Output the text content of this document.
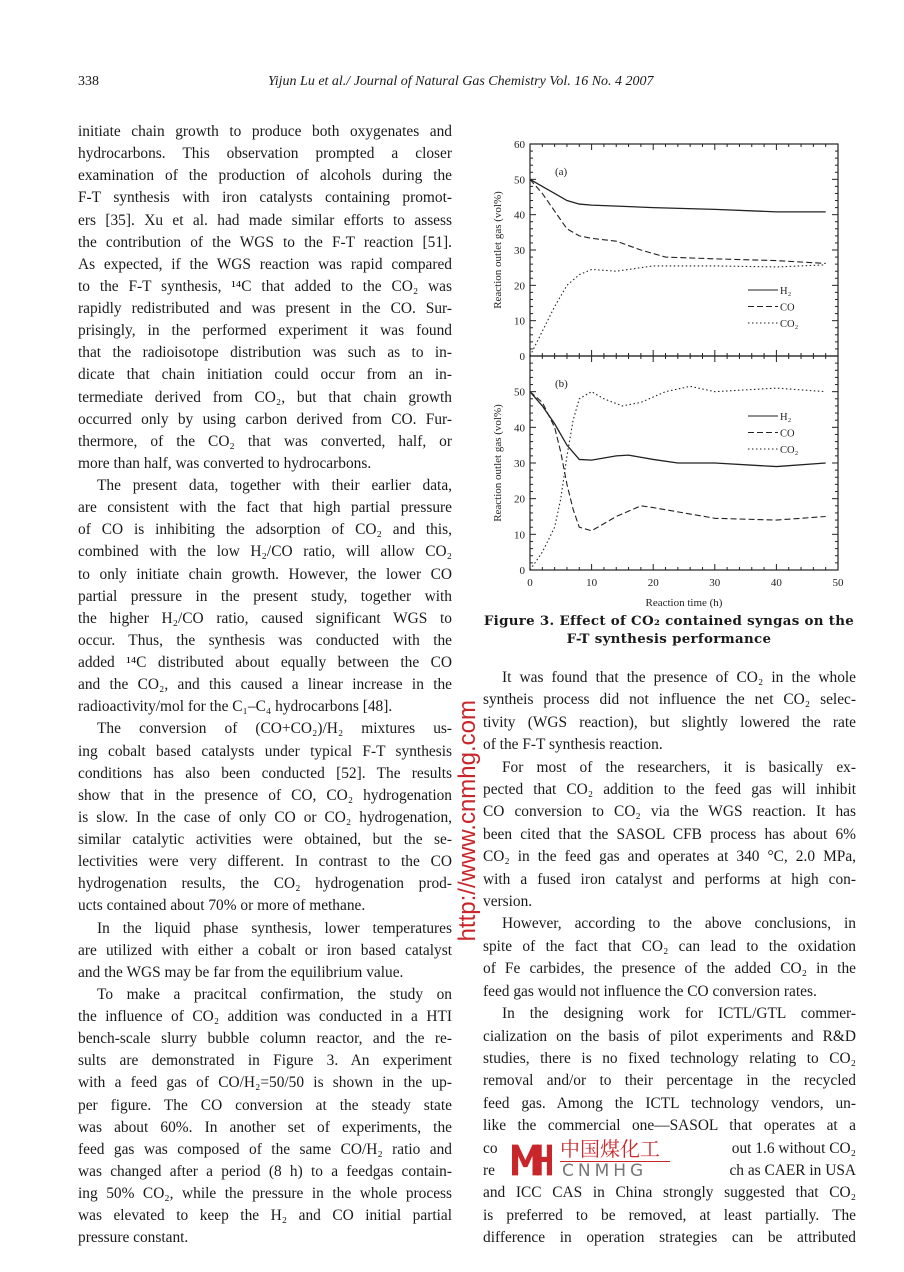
338	Yijun Lu et al./ Journal of Natural Gas Chemistry Vol. 16 No. 4 2007
initiate chain growth to produce both oxygenates and
hydrocarbons. This observation prompted a closer
examination of the production of alcohols during the
F-T synthesis with iron catalysts containing promot-
ers [35]. Xu et al. had made similar efforts to assess
the contribution of the WGS to the F-T reaction [51].
As expected, if the WGS reaction was rapid compared
to the F-T synthesis, ¹⁴C that added to the CO₂ was
rapidly redistributed and was present in the CO. Sur-
prisingly, in the performed experiment it was found
that the radioisotope distribution was such as to in-
dicate that chain initiation could occur from an in-
termediate derived from CO₂, but that chain growth
occurred only by using carbon derived from CO. Fur-
thermore, of the CO₂ that was converted, half, or
more than half, was converted to hydrocarbons.
The present data, together with their earlier data,
are consistent with the fact that high partial pressure
of CO is inhibiting the adsorption of CO₂ and this,
combined with the low H₂/CO ratio, will allow CO₂
to only initiate chain growth. However, the lower CO
partial pressure in the present study, together with
the higher H₂/CO ratio, caused significant WGS to
occur. Thus, the synthesis was conducted with the
added ¹⁴C distributed about equally between the CO
and the CO₂, and this caused a linear increase in the
radioactivity/mol for the C₁–C₄ hydrocarbons [48].
The conversion of (CO+CO₂)/H₂ mixtures us-
ing cobalt based catalysts under typical F-T synthesis
conditions has also been conducted [52]. The results
show that in the presence of CO, CO₂ hydrogenation
is slow. In the case of only CO or CO₂ hydrogenation,
similar catalytic activities were obtained, but the se-
lectivities were very different. In contrast to the CO
hydrogenation results, the CO₂ hydrogenation prod-
ucts contained about 70% or more of methane.
In the liquid phase synthesis, lower temperatures
are utilized with either a cobalt or iron based catalyst
and the WGS may be far from the equilibrium value.
To make a pracitcal confirmation, the study on
the influence of CO₂ addition was conducted in a HTI
bench-scale slurry bubble column reactor, and the re-
sults are demonstrated in Figure 3. An experiment
with a feed gas of CO/H₂=50/50 is shown in the up-
per figure. The CO conversion at the steady state
was about 60%. In another set of experiments, the
feed gas was composed of the same CO/H₂ ratio and
was changed after a period (8 h) to a feedgas contain-
ing 50% CO₂, while the pressure in the whole process
was elevated to keep the H₂ and CO initial partial
pressure constant.
It was found that the presence of CO₂ in the whole
syntheis process did not influence the net CO₂ selec-
tivity (WGS reaction), but slightly lowered the rate
of the F-T synthesis reaction.
For most of the researchers, it is basically ex-
pected that CO₂ addition to the feed gas will inhibit
CO conversion to CO₂ via the WGS reaction. It has
been cited that the SASOL CFB process has about 6%
CO₂ in the feed gas and operates at 340 °C, 2.0 MPa,
with a fused iron catalyst and performs at high con-
version.
However, according to the above conclusions, in
spite of the fact that CO₂ can lead to the oxidation
of Fe carbides, the presence of the added CO₂ in the
feed gas would not influence the CO conversion rates.
In the designing work for ICTL/GTL commer-
cialization on the basis of pilot experiments and R&D
studies, there is no fixed technology relating to CO₂
removal and/or to their percentage in the recycled
feed gas. Among the ICTL technology vendors, un-
like the commercial one—SASOL that operates at a
co	out 1.6 without CO₂
re	ch as CAER in USA
and ICC CAS in China strongly suggested that CO₂
is preferred to be removed, at least partially. The
difference in operation strategies can be attributed
0
10
20
30
40
50
60
(a)
Reaction outlet gas (vol%)	H₂
CO
CO₂
0
10
20
30
40
50
0	10	20	30	40	50
(b)
Reaction outlet gas (vol%)
Reaction time (h)
H₂
CO
CO₂
Figure 3. Effect of CO₂ contained syngas on the
F-T synthesis performance
http://www.cnmhg.com
中国煤化工
CNMHG
